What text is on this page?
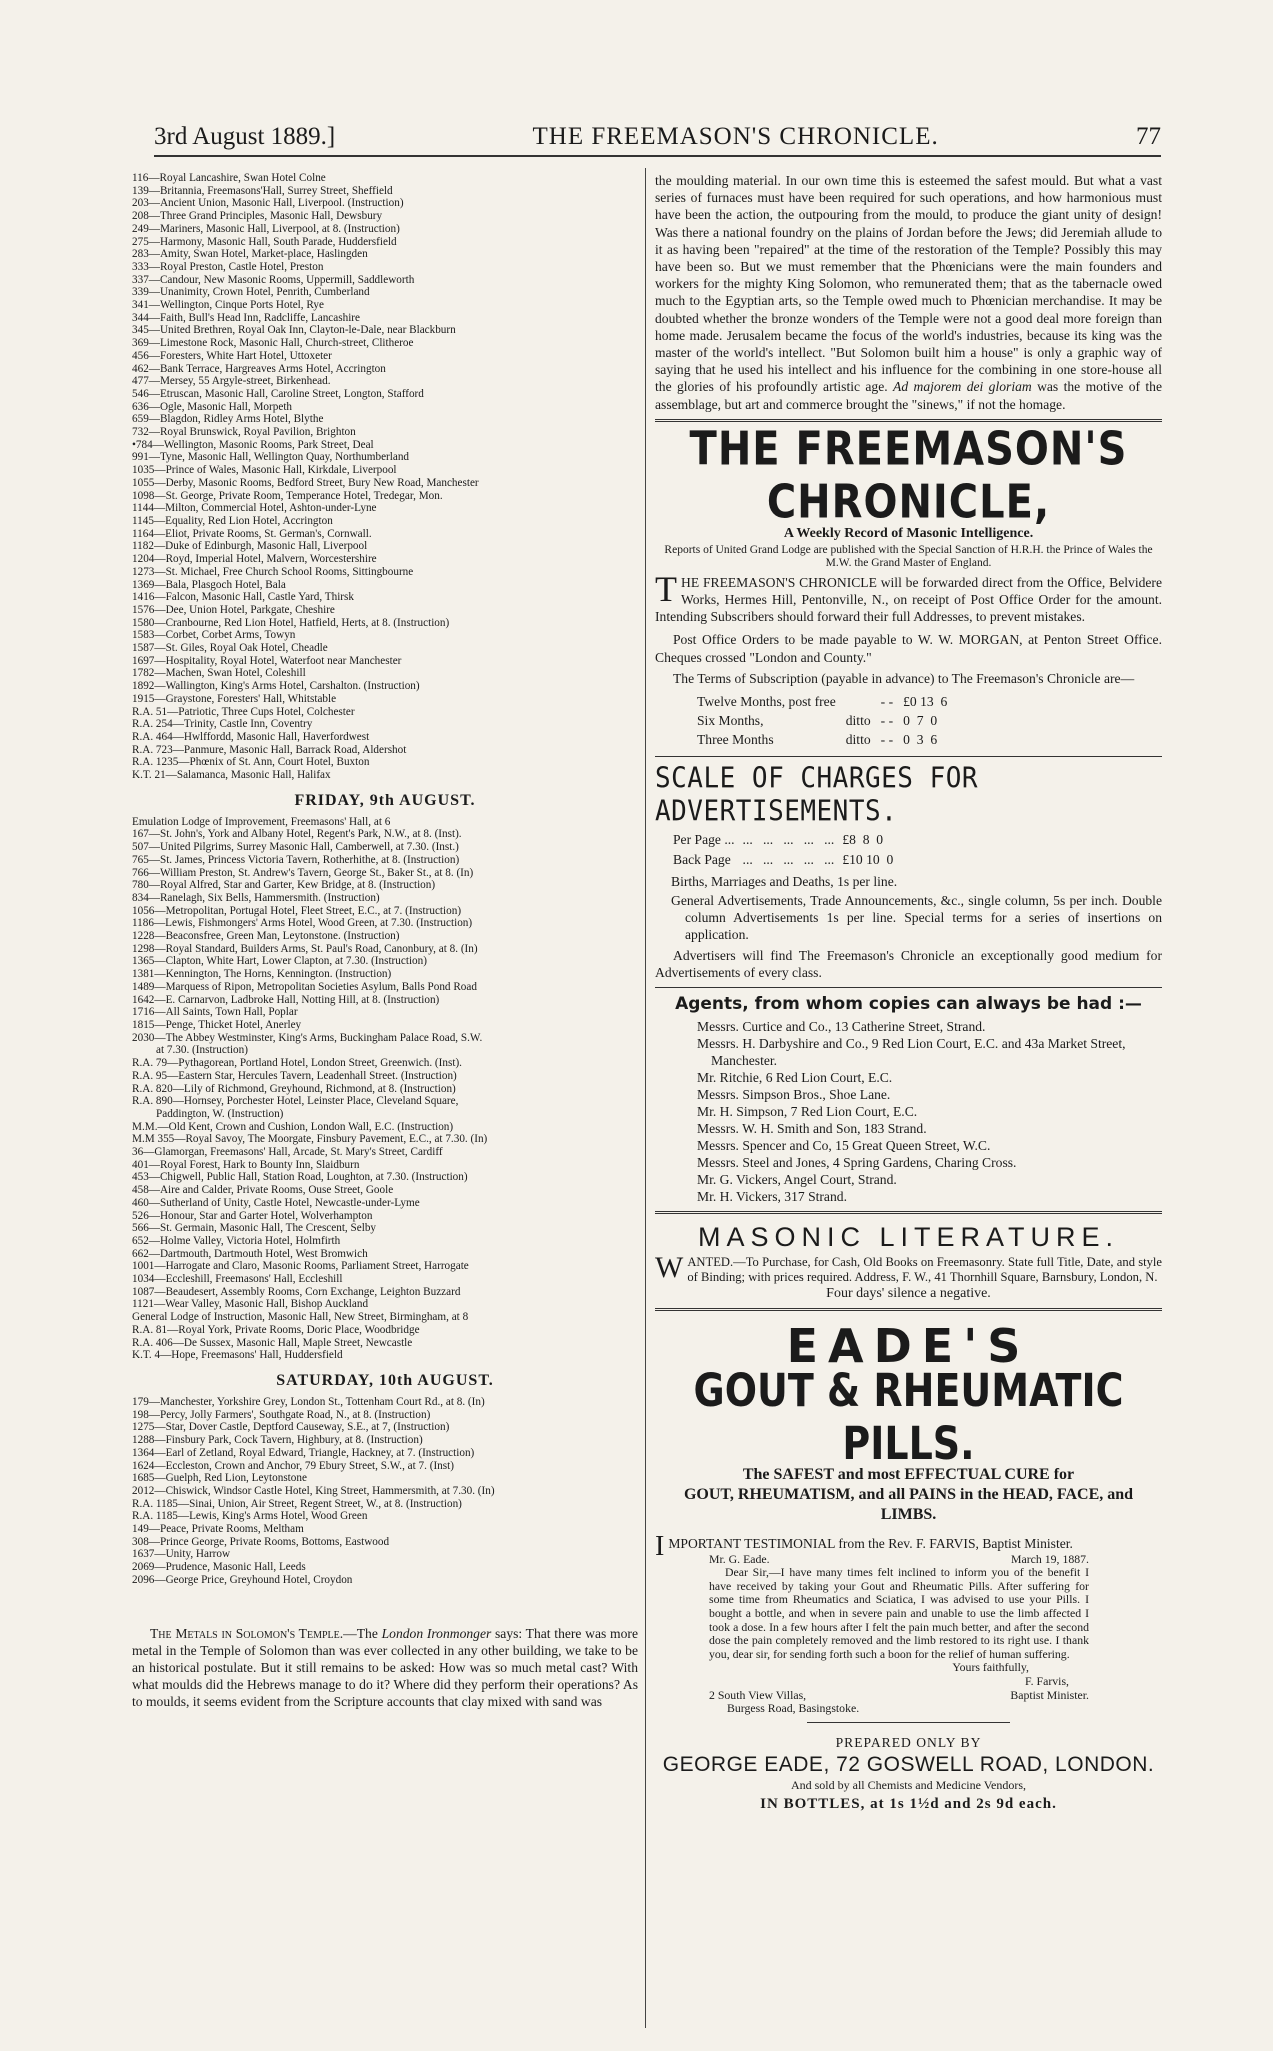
3rd August 1889.]	THE FREEMASON'S CHRONICLE.	77

116—Royal Lancashire, Swan Hotel Colne

139—Britannia, Freemasons'Hall, Surrey Street, Sheffield

203—Ancient Union, Masonic Hall, Liverpool. (Instruction)

208—Three Grand Principles, Masonic Hall, Dewsbury

249—Mariners, Masonic Hall, Liverpool, at 8. (Instruction)

275—Harmony, Masonic Hall, South Parade, Huddersfield

283—Amity, Swan Hotel, Market-place, Haslingden

333—Royal Preston, Castle Hotel, Preston

337—Candour, New Masonic Rooms, Uppermill, Saddleworth

339—Unanimity, Crown Hotel, Penrith, Cumberland

341—Wellington, Cinque Ports Hotel, Rye

344—Faith, Bull's Head Inn, Radcliffe, Lancashire

345—United Brethren, Royal Oak Inn, Clayton-le-Dale, near Blackburn

369—Limestone Rock, Masonic Hall, Church-street, Clitheroe

456—Foresters, White Hart Hotel, Uttoxeter

462—Bank Terrace, Hargreaves Arms Hotel, Accrington

477—Mersey, 55 Argyle-street, Birkenhead.

546—Etruscan, Masonic Hall, Caroline Street, Longton, Stafford

636—Ogle, Masonic Hall, Morpeth

659—Blagdon, Ridley Arms Hotel, Blythe

732—Royal Brunswick, Royal Pavilion, Brighton

•784—Wellington, Masonic Rooms, Park Street, Deal

991—Tyne, Masonic Hall, Wellington Quay, Northumberland

1035—Prince of Wales, Masonic Hall, Kirkdale, Liverpool

1055—Derby, Masonic Rooms, Bedford Street, Bury New Road, Manchester

1098—St. George, Private Room, Temperance Hotel, Tredegar, Mon.

1144—Milton, Commercial Hotel, Ashton-under-Lyne

1145—Equality, Red Lion Hotel, Accrington

1164—Eliot, Private Rooms, St. German's, Cornwall.

1182—Duke of Edinburgh, Masonic Hall, Liverpool

1204—Royd, Imperial Hotel, Malvern, Worcestershire

1273—St. Michael, Free Church School Rooms, Sittingbourne

1369—Bala, Plasgoch Hotel, Bala

1416—Falcon, Masonic Hall, Castle Yard, Thirsk

1576—Dee, Union Hotel, Parkgate, Cheshire

1580—Cranbourne, Red Lion Hotel, Hatfield, Herts, at 8. (Instruction)

1583—Corbet, Corbet Arms, Towyn

1587—St. Giles, Royal Oak Hotel, Cheadle

1697—Hospitality, Royal Hotel, Waterfoot near Manchester

1782—Machen, Swan Hotel, Coleshill

1892—Wallington, King's Arms Hotel, Carshalton. (Instruction)

1915—Graystone, Foresters' Hall, Whitstable

R.A. 51—Patriotic, Three Cups Hotel, Colchester

R.A. 254—Trinity, Castle Inn, Coventry

R.A. 464—Hwlffordd, Masonic Hall, Haverfordwest

R.A. 723—Panmure, Masonic Hall, Barrack Road, Aldershot

R.A. 1235—Phœnix of St. Ann, Court Hotel, Buxton

K.T. 21—Salamanca, Masonic Hall, Halifax

FRIDAY, 9th AUGUST.

Emulation Lodge of Improvement, Freemasons' Hall, at 6

167—St. John's, York and Albany Hotel, Regent's Park, N.W., at 8. (Inst).

507—United Pilgrims, Surrey Masonic Hall, Camberwell, at 7.30. (Inst.)

765—St. James, Princess Victoria Tavern, Rotherhithe, at 8. (Instruction)

766—William Preston, St. Andrew's Tavern, George St., Baker St., at 8. (In)

780—Royal Alfred, Star and Garter, Kew Bridge, at 8. (Instruction)

834—Ranelagh, Six Bells, Hammersmith. (Instruction)

1056—Metropolitan, Portugal Hotel, Fleet Street, E.C., at 7. (Instruction)

1186—Lewis, Fishmongers' Arms Hotel, Wood Green, at 7.30. (Instruction)

1228—Beaconsfree, Green Man, Leytonstone. (Instruction)

1298—Royal Standard, Builders Arms, St. Paul's Road, Canonbury, at 8. (In)

1365—Clapton, White Hart, Lower Clapton, at 7.30. (Instruction)

1381—Kennington, The Horns, Kennington. (Instruction)

1489—Marquess of Ripon, Metropolitan Societies Asylum, Balls Pond Road

1642—E. Carnarvon, Ladbroke Hall, Notting Hill, at 8. (Instruction)

1716—All Saints, Town Hall, Poplar

1815—Penge, Thicket Hotel, Anerley

2030—The Abbey Westminster, King's Arms, Buckingham Palace Road, S.W.

at 7.30. (Instruction)

R.A. 79—Pythagorean, Portland Hotel, London Street, Greenwich. (Inst).

R.A. 95—Eastern Star, Hercules Tavern, Leadenhall Street. (Instruction)

R.A. 820—Lily of Richmond, Greyhound, Richmond, at 8. (Instruction)

R.A. 890—Hornsey, Porchester Hotel, Leinster Place, Cleveland Square,

Paddington, W. (Instruction)

M.M.—Old Kent, Crown and Cushion, London Wall, E.C. (Instruction)

M.M 355—Royal Savoy, The Moorgate, Finsbury Pavement, E.C., at 7.30. (In)

36—Glamorgan, Freemasons' Hall, Arcade, St. Mary's Street, Cardiff

401—Royal Forest, Hark to Bounty Inn, Slaidburn

453—Chigwell, Public Hall, Station Road, Loughton, at 7.30. (Instruction)

458—Aire and Calder, Private Rooms, Ouse Street, Goole

460—Sutherland of Unity, Castle Hotel, Newcastle-under-Lyme

526—Honour, Star and Garter Hotel, Wolverhampton

566—St. Germain, Masonic Hall, The Crescent, Selby

652—Holme Valley, Victoria Hotel, Holmfirth

662—Dartmouth, Dartmouth Hotel, West Bromwich

1001—Harrogate and Claro, Masonic Rooms, Parliament Street, Harrogate

1034—Eccleshill, Freemasons' Hall, Eccleshill

1087—Beaudesert, Assembly Rooms, Corn Exchange, Leighton Buzzard

1121—Wear Valley, Masonic Hall, Bishop Auckland

General Lodge of Instruction, Masonic Hall, New Street, Birmingham, at 8

R.A. 81—Royal York, Private Rooms, Doric Place, Woodbridge

R.A. 406—De Sussex, Masonic Hall, Maple Street, Newcastle

K.T. 4—Hope, Freemasons' Hall, Huddersfield

SATURDAY, 10th AUGUST.

179—Manchester, Yorkshire Grey, London St., Tottenham Court Rd., at 8. (In)

198—Percy, Jolly Farmers', Southgate Road, N., at 8. (Instruction)

1275—Star, Dover Castle, Deptford Causeway, S.E., at 7, (Instruction)

1288—Finsbury Park, Cock Tavern, Highbury, at 8. (Instruction)

1364—Earl of Zetland, Royal Edward, Triangle, Hackney, at 7. (Instruction)

1624—Eccleston, Crown and Anchor, 79 Ebury Street, S.W., at 7. (Inst)

1685—Guelph, Red Lion, Leytonstone

2012—Chiswick, Windsor Castle Hotel, King Street, Hammersmith, at 7.30. (In)

R.A. 1185—Sinai, Union, Air Street, Regent Street, W., at 8. (Instruction)

R.A. 1185—Lewis, King's Arms Hotel, Wood Green

149—Peace, Private Rooms, Meltham

308—Prince George, Private Rooms, Bottoms, Eastwood

1637—Unity, Harrow

2069—Prudence, Masonic Hall, Leeds

2096—George Price, Greyhound Hotel, Croydon

The Metals in Solomon's Temple.—The London Ironmonger says: That there was more metal in the Temple of Solomon than was ever collected in any other building, we take to be an historical postulate. But it still remains to be asked: How was so much metal cast? With what moulds did the Hebrews manage to do it? Where did they perform their operations? As to moulds, it seems evident from the Scripture accounts that clay mixed with sand was

the moulding material. In our own time this is esteemed the safest mould. But what a vast series of furnaces must have been required for such operations, and how harmonious must have been the action, the outpouring from the mould, to produce the giant unity of design! Was there a national foundry on the plains of Jordan before the Jews; did Jeremiah allude to it as having been "repaired" at the time of the restoration of the Temple? Possibly this may have been so. But we must remember that the Phœnicians were the main founders and workers for the mighty King Solomon, who remunerated them; that as the tabernacle owed much to the Egyptian arts, so the Temple owed much to Phœnician merchandise. It may be doubted whether the bronze wonders of the Temple were not a good deal more foreign than home made. Jerusalem became the focus of the world's industries, because its king was the master of the world's intellect. "But Solomon built him a house" is only a graphic way of saying that he used his intellect and his influence for the combining in one store-house all the glories of his profoundly artistic age. Ad majorem dei gloriam was the motive of the assemblage, but art and commerce brought the "sinews," if not the homage.

THE FREEMASON'S CHRONICLE,
A Weekly Record of Masonic Intelligence.
Reports of United Grand Lodge are published with the Special Sanction of H.R.H. the Prince of Wales the M.W. the Grand Master of England.

THE FREEMASON'S CHRONICLE will be forwarded direct from the Office, Belvidere Works, Hermes Hill, Pentonville, N., on receipt of Post Office Order for the amount. Intending Subscribers should forward their full Addresses, to prevent mistakes.

Post Office Orders to be made payable to W. W. MORGAN, at Penton Street Office. Cheques crossed "London and County."

The Terms of Subscription (payable in advance) to The Freemason's Chronicle are—

Twelve Months, post free		- -	£0 13  6
Six Months,	ditto	- -	0  7  0
Three Months	ditto	- -	0  3  6
SCALE OF CHARGES FOR ADVERTISEMENTS.
Per Page ...	...   ...   ...   ...   ...	£8  8  0
Back Page	...   ...   ...   ...   ...	£10 10  0

Births, Marriages and Deaths, 1s per line.

General Advertisements, Trade Announcements, &c., single column, 5s per inch. Double column Advertisements 1s per line. Special terms for a series of insertions on application.

Advertisers will find The Freemason's Chronicle an exceptionally good medium for Advertisements of every class.

Agents, from whom copies can always be had :—

Messrs. Curtice and Co., 13 Catherine Street, Strand.

Messrs. H. Darbyshire and Co., 9 Red Lion Court, E.C. and 43a Market Street, Manchester.

Mr. Ritchie, 6 Red Lion Court, E.C.

Messrs. Simpson Bros., Shoe Lane.

Mr. H. Simpson, 7 Red Lion Court, E.C.

Messrs. W. H. Smith and Son, 183 Strand.

Messrs. Spencer and Co, 15 Great Queen Street, W.C.

Messrs. Steel and Jones, 4 Spring Gardens, Charing Cross.

Mr. G. Vickers, Angel Court, Strand.

Mr. H. Vickers, 317 Strand.

MASONIC LITERATURE.

WANTED.—To Purchase, for Cash, Old Books on Freemasonry. State full Title, Date, and style of Binding; with prices required. Address, F. W., 41 Thornhill Square, Barnsbury, London, N.

Four days' silence a negative.
EADE'S
GOUT & RHEUMATIC PILLS.

The SAFEST and most EFFECTUAL CURE for

GOUT, RHEUMATISM, and all PAINS in the HEAD, FACE, and LIMBS.

IMPORTANT TESTIMONIAL from the Rev. F. FARVIS, Baptist Minister.

Mr. G. Eade.	March 19, 1887.
Dear Sir,—I have many times felt inclined to inform you of the benefit I have received by taking your Gout and Rheumatic Pills. After suffering for some time from Rheumatics and Sciatica, I was advised to use your Pills. I bought a bottle, and when in severe pain and unable to use the limb affected I took a dose. In a few hours after I felt the pain much better, and after the second dose the pain completely removed and the limb restored to its right use. I thank you, dear sir, for sending forth such a boon for the relief of human suffering.
Yours faithfully,
F. Farvis,
2 South View Villas,	Baptist Minister.
Burgess Road, Basingstoke.
PREPARED ONLY BY
GEORGE EADE, 72 GOSWELL ROAD, LONDON.
And sold by all Chemists and Medicine Vendors,
IN BOTTLES, at 1s 1½d and 2s 9d each.
